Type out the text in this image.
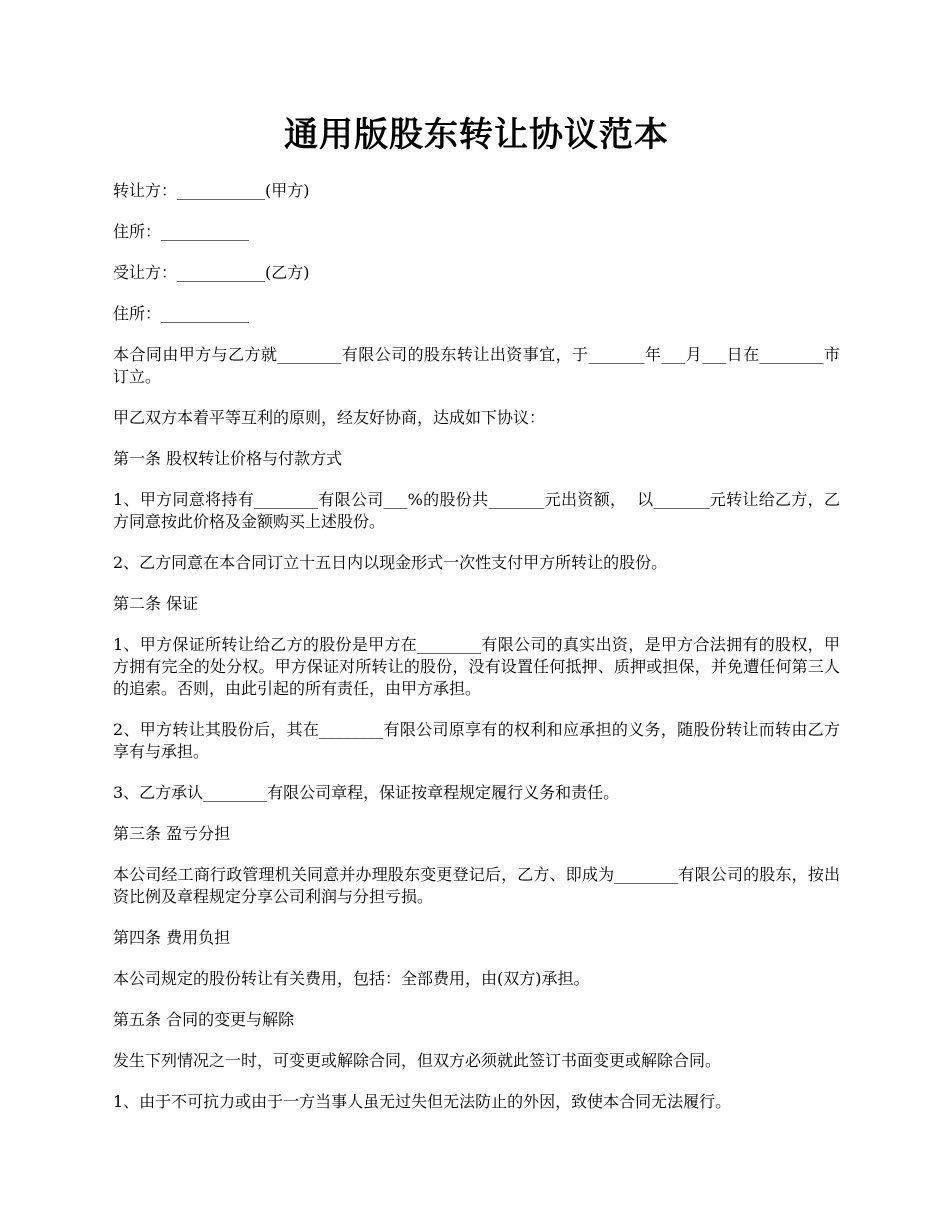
通用版股东转让协议范本

转让方：___________(甲方)

住所：___________

受让方：___________(乙方)

住所：___________

本合同由甲方与乙方就________有限公司的股东转让出资事宜，于_______年___月___日在________市订立。

甲乙双方本着平等互利的原则，经友好协商，达成如下协议：

第一条 股权转让价格与付款方式

1、甲方同意将持有________有限公司___%的股份共_______元出资额，  以_______元转让给乙方，乙方同意按此价格及金额购买上述股份。

2、乙方同意在本合同订立十五日内以现金形式一次性支付甲方所转让的股份。

第二条 保证

1、甲方保证所转让给乙方的股份是甲方在________有限公司的真实出资，是甲方合法拥有的股权，甲方拥有完全的处分权。甲方保证对所转让的股份，没有设置任何抵押、质押或担保，并免遭任何第三人的追索。否则，由此引起的所有责任，由甲方承担。

2、甲方转让其股份后，其在________有限公司原享有的权利和应承担的义务，随股份转让而转由乙方享有与承担。

3、乙方承认________有限公司章程，保证按章程规定履行义务和责任。

第三条 盈亏分担

本公司经工商行政管理机关同意并办理股东变更登记后，乙方、即成为________有限公司的股东，按出资比例及章程规定分享公司利润与分担亏损。

第四条 费用负担

本公司规定的股份转让有关费用，包括：全部费用，由(双方)承担。

第五条 合同的变更与解除

发生下列情况之一时，可变更或解除合同，但双方必须就此签订书面变更或解除合同。

1、由于不可抗力或由于一方当事人虽无过失但无法防止的外因，致使本合同无法履行。
